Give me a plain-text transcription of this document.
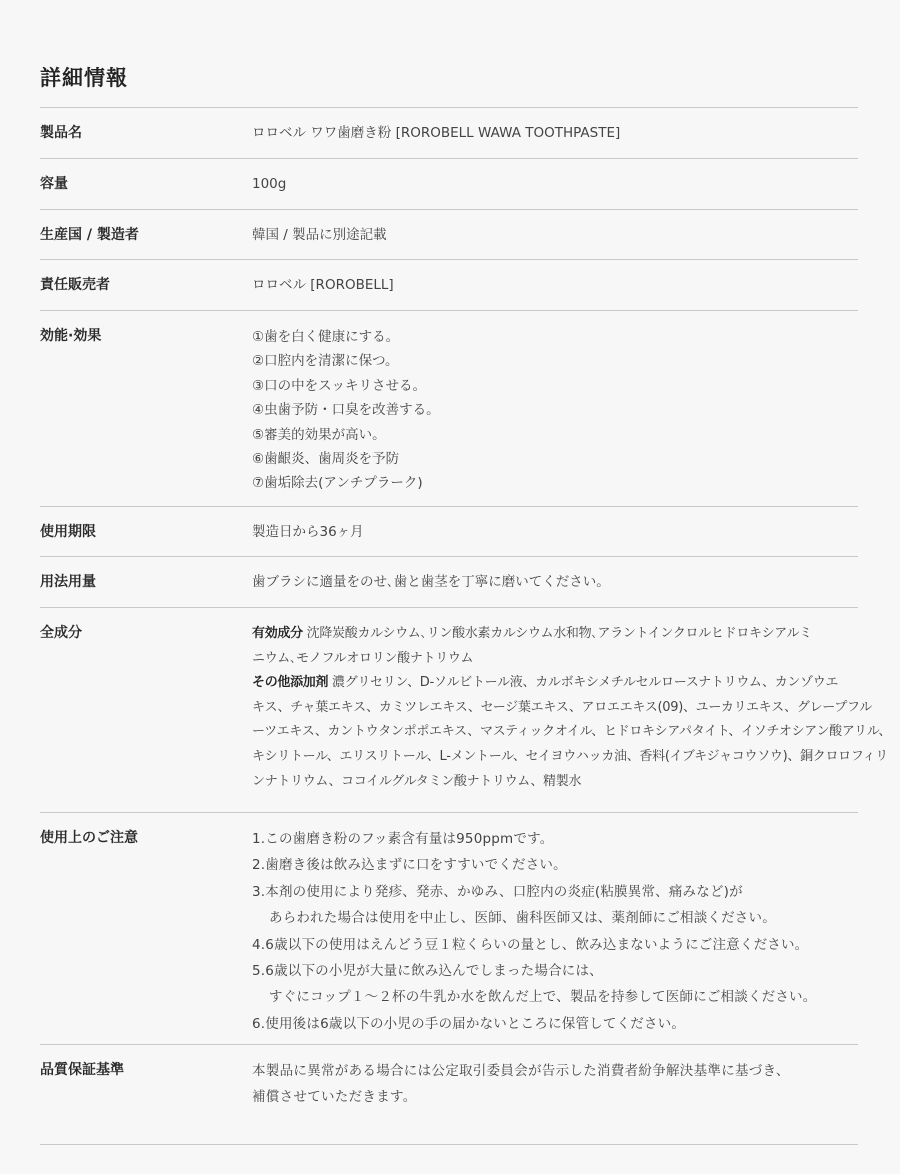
詳細情報
製品名	ロロベル ワワ歯磨き粉 [ROROBELL WAWA TOOTHPASTE]
容量	100g
生産国 / 製造者	韓国 / 製品に別途記載
責任販売者	ロロベル [ROROBELL]
効能·効果	①歯を白く健康にする。
②口腔内を清潔に保つ。
③口の中をスッキリさせる。
④虫歯予防・口臭を改善する。
⑤審美的効果が高い。
⑥歯齦炎、歯周炎を予防
⑦歯垢除去(アンチプラーク)
使用期限	製造日から36ヶ月
用法用量	歯ブラシに適量をのせ､歯と歯茎を丁寧に磨いてください。
全成分	有効成分 沈降炭酸カルシウム､リン酸水素カルシウム水和物､アラントインクロルヒドロキシアルミ
ニウム､モノフルオロリン酸ナトリウム
その他添加剤 濃グリセリン、D-ソルビトール液、カルボキシメチルセルロースナトリウム、カンゾウエ
キス、チャ葉エキス、カミツレエキス、セージ葉エキス、アロエエキス(09)、ユーカリエキス、グレープフル
ーツエキス、カントウタンポポエキス、マスティックオイル、ヒドロキシアパタイト、イソチオシアン酸アリル、
キシリトール、エリスリトール、L-メントール、セイヨウハッカ油、香料(イブキジャコウソウ)、銅クロロフィリ
ンナトリウム、ココイルグルタミン酸ナトリウム、精製水
使用上のご注意	1.この歯磨き粉のフッ素含有量は950ppmです。
2.歯磨き後は飲み込まずに口をすすいでください。
3.本剤の使用により発疹、発赤、かゆみ、口腔内の炎症(粘膜異常、痛みなど)が
あらわれた場合は使用を中止し、医師、歯科医師又は、薬剤師にご相談ください。
4.6歳以下の使用はえんどう豆１粒くらいの量とし、飲み込まないようにご注意ください。
5.6歳以下の小児が大量に飲み込んでしまった場合には、
すぐにコップ１～２杯の牛乳か水を飲んだ上で、製品を持参して医師にご相談ください。
6.使用後は6歳以下の小児の手の届かないところに保管してください。
品質保証基準	本製品に異常がある場合には公定取引委員会が告示した消費者紛争解決基準に基づき、
補償させていただきます。
